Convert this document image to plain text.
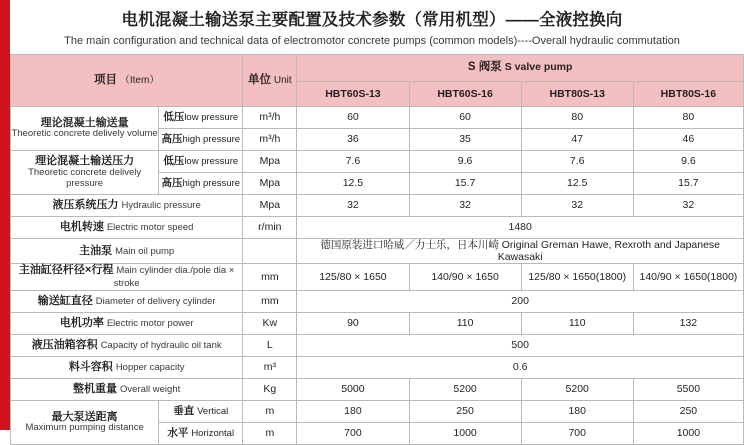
电机混凝土输送泵主要配置及技术参数（常用机型）——全液控换向
The main configuration and technical data of electromotor concrete pumps (common models)----Overall hydraulic commutation
项目 （Item）		单位 Unit	S 阀泵 S valve pump			
			HBT60S-13	HBT60S-16	HBT80S-13	HBT80S-16

理论混凝土输送量
Theoretic concrete delively volume	低压low pressure	m³/h	60	60	80	80
	高压high pressure	m³/h	36	35	47	46

理论混凝土输送压力
Theoretic concrete delively pressure	低压low pressure	Mpa	7.6	9.6	7.6	9.6
	高压high pressure	Mpa	12.5	15.7	12.5	15.7
液压系统压力 Hydraulic pressure		Mpa	32	32	32	32
电机转速 Electric motor speed		r/min	1480			
主油泵 Main oil pump			德国原装进口哈威／力士乐，日本川崎 Original Greman Hawe, Rexroth and Japanese Kawasaki			
主油缸径杆径×行程 Main cylinder dia./pole dia × stroke		mm	125/80 × 1650	140/90 × 1650	125/80 × 1650(1800)	140/90 × 1650(1800)
输送缸直径 Diameter of delivery cylinder		mm	200			
电机功率 Electric motor power		Kw	90	110	110	132
液压油箱容积 Capacity of hydraulic oil tank		L	500			
料斗容积 Hopper capacity		m³	0.6			
整机重量 Overall weight		Kg	5000	5200	5200	5500

最大泵送距离
Maximum pumping distance	垂直 Vertical	m	180	250	180	250
	水平 Horizontal	m	700	1000	700	1000
